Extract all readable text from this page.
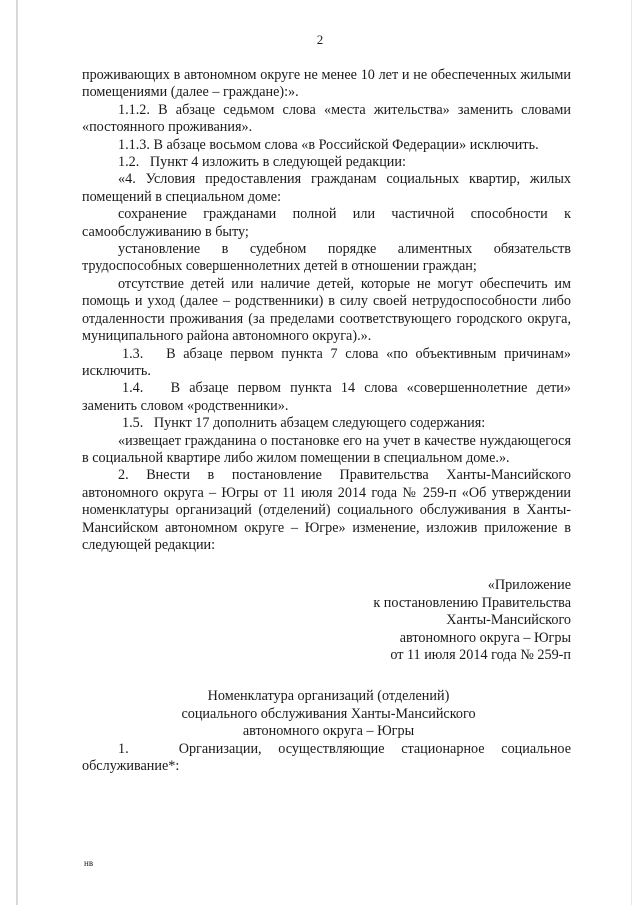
2

проживающих в автономном округе не менее 10 лет и не обеспеченных жилыми помещениями (далее – граждане):».

1.1.2. В абзаце седьмом слова «места жительства» заменить словами «постоянного проживания».

1.1.3. В абзаце восьмом слова «в Российской Федерации» исключить.

1.2.   Пункт 4 изложить в следующей редакции:

«4. Условия предоставления гражданам социальных квартир, жилых помещений в специальном доме:

сохранение гражданами полной или частичной способности к самообслуживанию в быту;

установление в судебном порядке алиментных обязательств трудоспособных совершеннолетних детей в отношении граждан;

отсутствие детей или наличие детей, которые не могут обеспечить им помощь и уход (далее – родственники) в силу своей нетрудоспособности либо отдаленности проживания (за пределами соответствующего городского округа, муниципального района автономного округа).».

1.3.   В абзаце первом пункта 7 слова «по объективным причинам» исключить.

1.4.   В абзаце первом пункта 14 слова «совершеннолетние дети» заменить словом «родственники».

1.5.   Пункт 17 дополнить абзацем следующего содержания:

«извещает гражданина о постановке его на учет в качестве нуждающегося в социальной квартире либо жилом помещении в специальном доме.».

2. Внести в постановление Правительства Ханты-Мансийского автономного округа – Югры от 11 июля 2014 года № 259-п «Об утверждении номенклатуры организаций (отделений) социального обслуживания в Ханты-Мансийском автономном округе – Югре» изменение, изложив приложение в следующей редакции:

«Приложение
к постановлению Правительства
Ханты-Мансийского
автономного округа – Югры
от 11 июля 2014 года № 259-п
Номенклатура организаций (отделений)
социального обслуживания Ханты-Мансийского
автономного округа – Югры

1.   Организации, осуществляющие стационарное социальное обслуживание*:

нв
